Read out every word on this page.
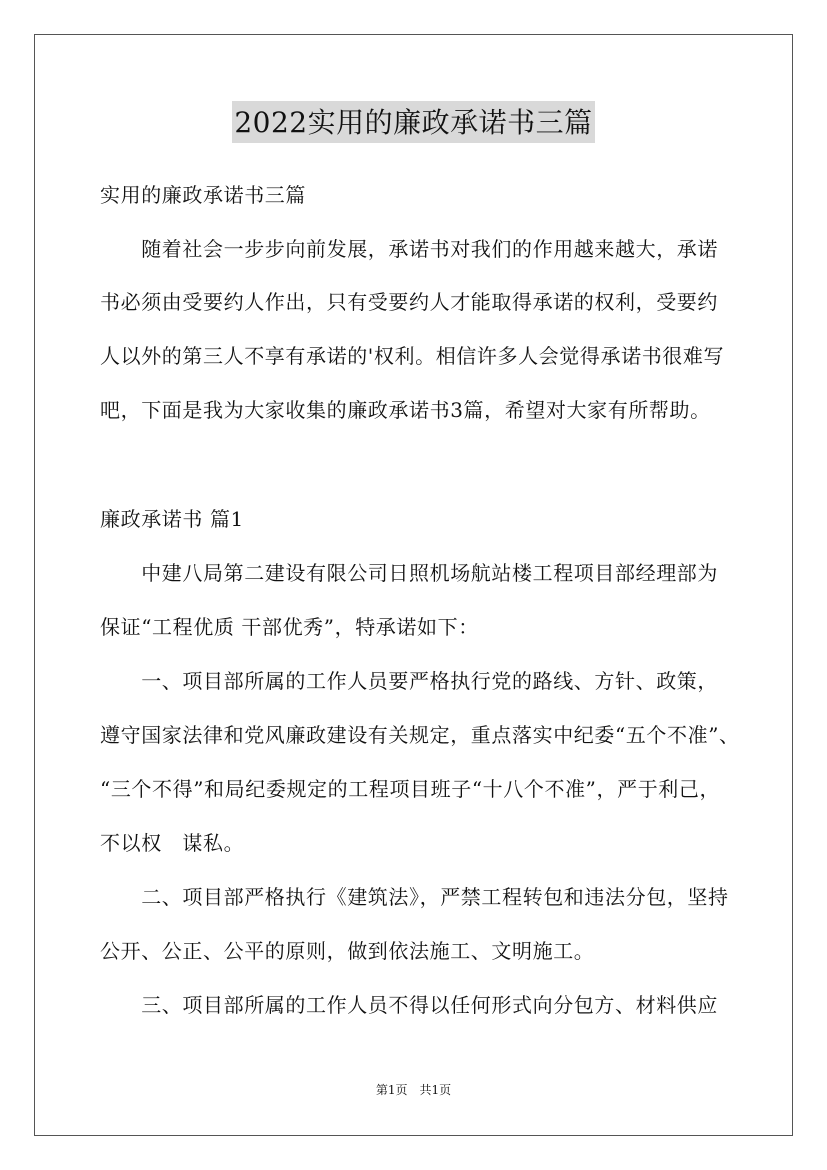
2022实用的廉政承诺书三篇
实用的廉政承诺书三篇
　　随着社会一步步向前发展，承诺书对我们的作用越来越大，承诺
书必须由受要约人作出，只有受要约人才能取得承诺的权利，受要约
人以外的第三人不享有承诺的'权利。相信许多人会觉得承诺书很难写
吧，下面是我为大家收集的廉政承诺书3篇，希望对大家有所帮助。
廉政承诺书 篇1
　　中建八局第二建设有限公司日照机场航站楼工程项目部经理部为
保证“工程优质 干部优秀”，特承诺如下：
　　一、项目部所属的工作人员要严格执行党的路线、方针、政策，
遵守国家法律和党风廉政建设有关规定，重点落实中纪委“五个不准”、
“三个不得”和局纪委规定的工程项目班子“十八个不准”，严于利己，
不以权　谋私。
　　二、项目部严格执行《建筑法》，严禁工程转包和违法分包，坚持
公开、公正、公平的原则，做到依法施工、文明施工。
　　三、项目部所属的工作人员不得以任何形式向分包方、材料供应
第1页　共1页
